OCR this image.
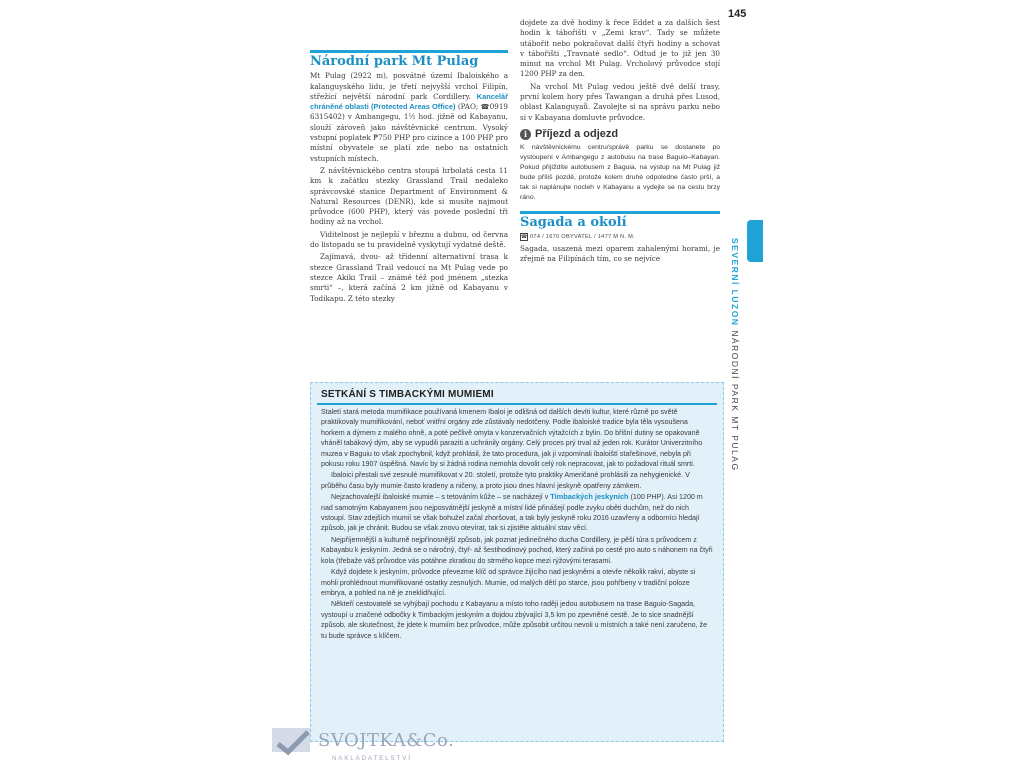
145
SEVERNÍ LUZON NÁRODNÍ PARK MT PULAG
Národní park Mt Pulag

Mt Pulag (2922 m), posvátné území Ibaloiského a kalanguyského lidu, je třetí nejvyšší vrchol Filipín, střežící největší národní park Cordillery. Kancelář chráněné oblasti (Protected Areas Office) (PAO; ☎0919 6315402) v Ambangegu, 1½ hod. jižně od Kabayanu, slouží zároveň jako návštěvnické centrum. Vysoký vstupní poplatek ₱750 PHP pro cizince a 100 PHP pro místní obyvatele se platí zde nebo na ostatních vstupních místech.

Z návštěvnického centra stoupá hrbolatá cesta 11 km k začátku stezky Grassland Trail nedaleko správcovské stanice Department of Environment & Natural Resources (DENR), kde si musíte najmout průvodce (600 PHP), který vás povede poslední tři hodiny až na vrchol.

Viditelnost je nejlepší v březnu a dubnu, od června do listopadu se tu pravidelně vyskytují vydatné deště.

Zajímavá, dvou- až třídenní alternativní trasa k stezce Grassland Trail vedoucí na Mt Pulag vede po stezce Akiki Trail – známé též pod jménem „stezka smrti“ –, která začíná 2 km jižně od Kabayanu v Todikapu. Z této stezky

dojdete za dvě hodiny k řece Eddet a za dalších šest hodin k tábořišti v „Zemi krav“. Tady se můžete utábořit nebo pokračovat další čtyři hodiny a schovat v tábořišti „Travnaté sedlo“. Odtud je to již jen 30 minut na vrchol Mt Pulag. Vrcholový průvodce stojí 1200 PHP za den.

Na vrchol Mt Pulag vedou ještě dvě delší trasy, první kolem hory přes Tawangan a druhá přes Lusod, oblast Kalanguyaů. Zavolejte si na správu parku nebo si v Kabayana domluvte průvodce.

i Příjezd a odjezd
K návštěvnickému centru/správě parku se dostanete po vystoupení v Ambangegu z autobusu na trase Baguio–Kabayan. Pokud přijíždíte autobusem z Baguia, na výstup na Mt Pulag již bude příliš pozdě, protože kolem druhé odpoledne často prší, a tak si naplánujte nocleh v Kabayanu a vydejte se na cestu brzy ráno.
Sagada a okolí
☎ 074 / 1670 OBYVATEL / 1477 M N. M.

Sagada, usazená mezi oparem zahalenými horami, je zřejmě na Filipínách tím, co se nejvíce

SETKÁNÍ S TIMBACKÝMI MUMIEMI

Staletí stará metoda mumifikace používaná kmenem Ibaloi je odlišná od dalších devíti kultur, které různě po světě praktikovaly mumifikování, neboť vnitřní orgány zde zůstávaly nedotčeny. Podle ibaloiské tradice byla těla vysoušena horkem a dýmem z malého ohně, a poté pečlivě omyta v konzervačních výtažcích z bylin. Do břišní dutiny se opakovaně vháněl tabákový dým, aby se vypudili paraziti a uchránily orgány. Celý proces prý trval až jeden rok. Kurátor Univerzitního muzea v Baguiu to však zpochybnil, když prohlásil, že tato procedura, jak ji vzpomínali ibaloiští stařešinové, nebyla při pokusu roku 1907 úspěšná. Navíc by si žádná rodina nemohla dovolit celý rok nepracovat, jak to požadoval rituál smrti.

Ibaloici přestali své zesnulé mumifikovat v 20. století, protože tyto praktiky Američané prohlásili za nehygienické. V průběhu času byly mumie často kradeny a ničeny, a proto jsou dnes hlavní jeskyně opatřeny zámkem.

Nejzachovalejší ibaloiské mumie – s tetováním kůže – se nacházejí v Timbackých jeskyních (100 PHP). Asi 1200 m nad samotným Kabayanem jsou nejposvátnější jeskyně a místní lidé přinášejí podle zvyku oběti duchům, než do nich vstoupí. Stav zdejších mumií se však bohužel začal zhoršovat, a tak byly jeskyně roku 2016 uzavřeny a odborníci hledají způsob, jak je chránit. Budou se však znovu otevírat, tak si zjistěte aktuální stav věcí.

Nejpříjemnější a kulturně nejpřínosnější způsob, jak poznat jedinečného ducha Cordillery, je pěší túra s průvodcem z Kabayabu k jeskyním. Jedná se o náročný, čtyř- až šestihodinový pochod, který začíná po cestě pro auto s náhonem na čtyři kola (třebaže váš průvodce vás potáhne zkratkou do strmého kopce mezi rýžovými terasami.

Když dojdete k jeskyním, průvodce převezme klíč od správce žijícího nad jeskyněmi a otevře několik rakví, abyste si mohli prohlédnout mumifikované ostatky zesnulých. Mumie, od malých dětí po starce, jsou pohřbeny v tradiční poloze embrya, a pohled na ně je zneklidňující.

Někteří cestovatelé se vyhýbají pochodu z Kabayanu a místo toho raději jedou autobusem na trase Baguio-Sagada, vystoupí u značené odbočky k Timbackým jeskyním a dojdou zbývající 3,5 km po zpevněné cestě. Je to sice snadnější způsob, ale skutečnost, že jdete k mumiím bez průvodce, může způsobit určitou nevoli u místních a také není zaručeno, že tu bude správce s klíčem.

SVOJTKA&Co.
NAKLADATELSTVÍ
